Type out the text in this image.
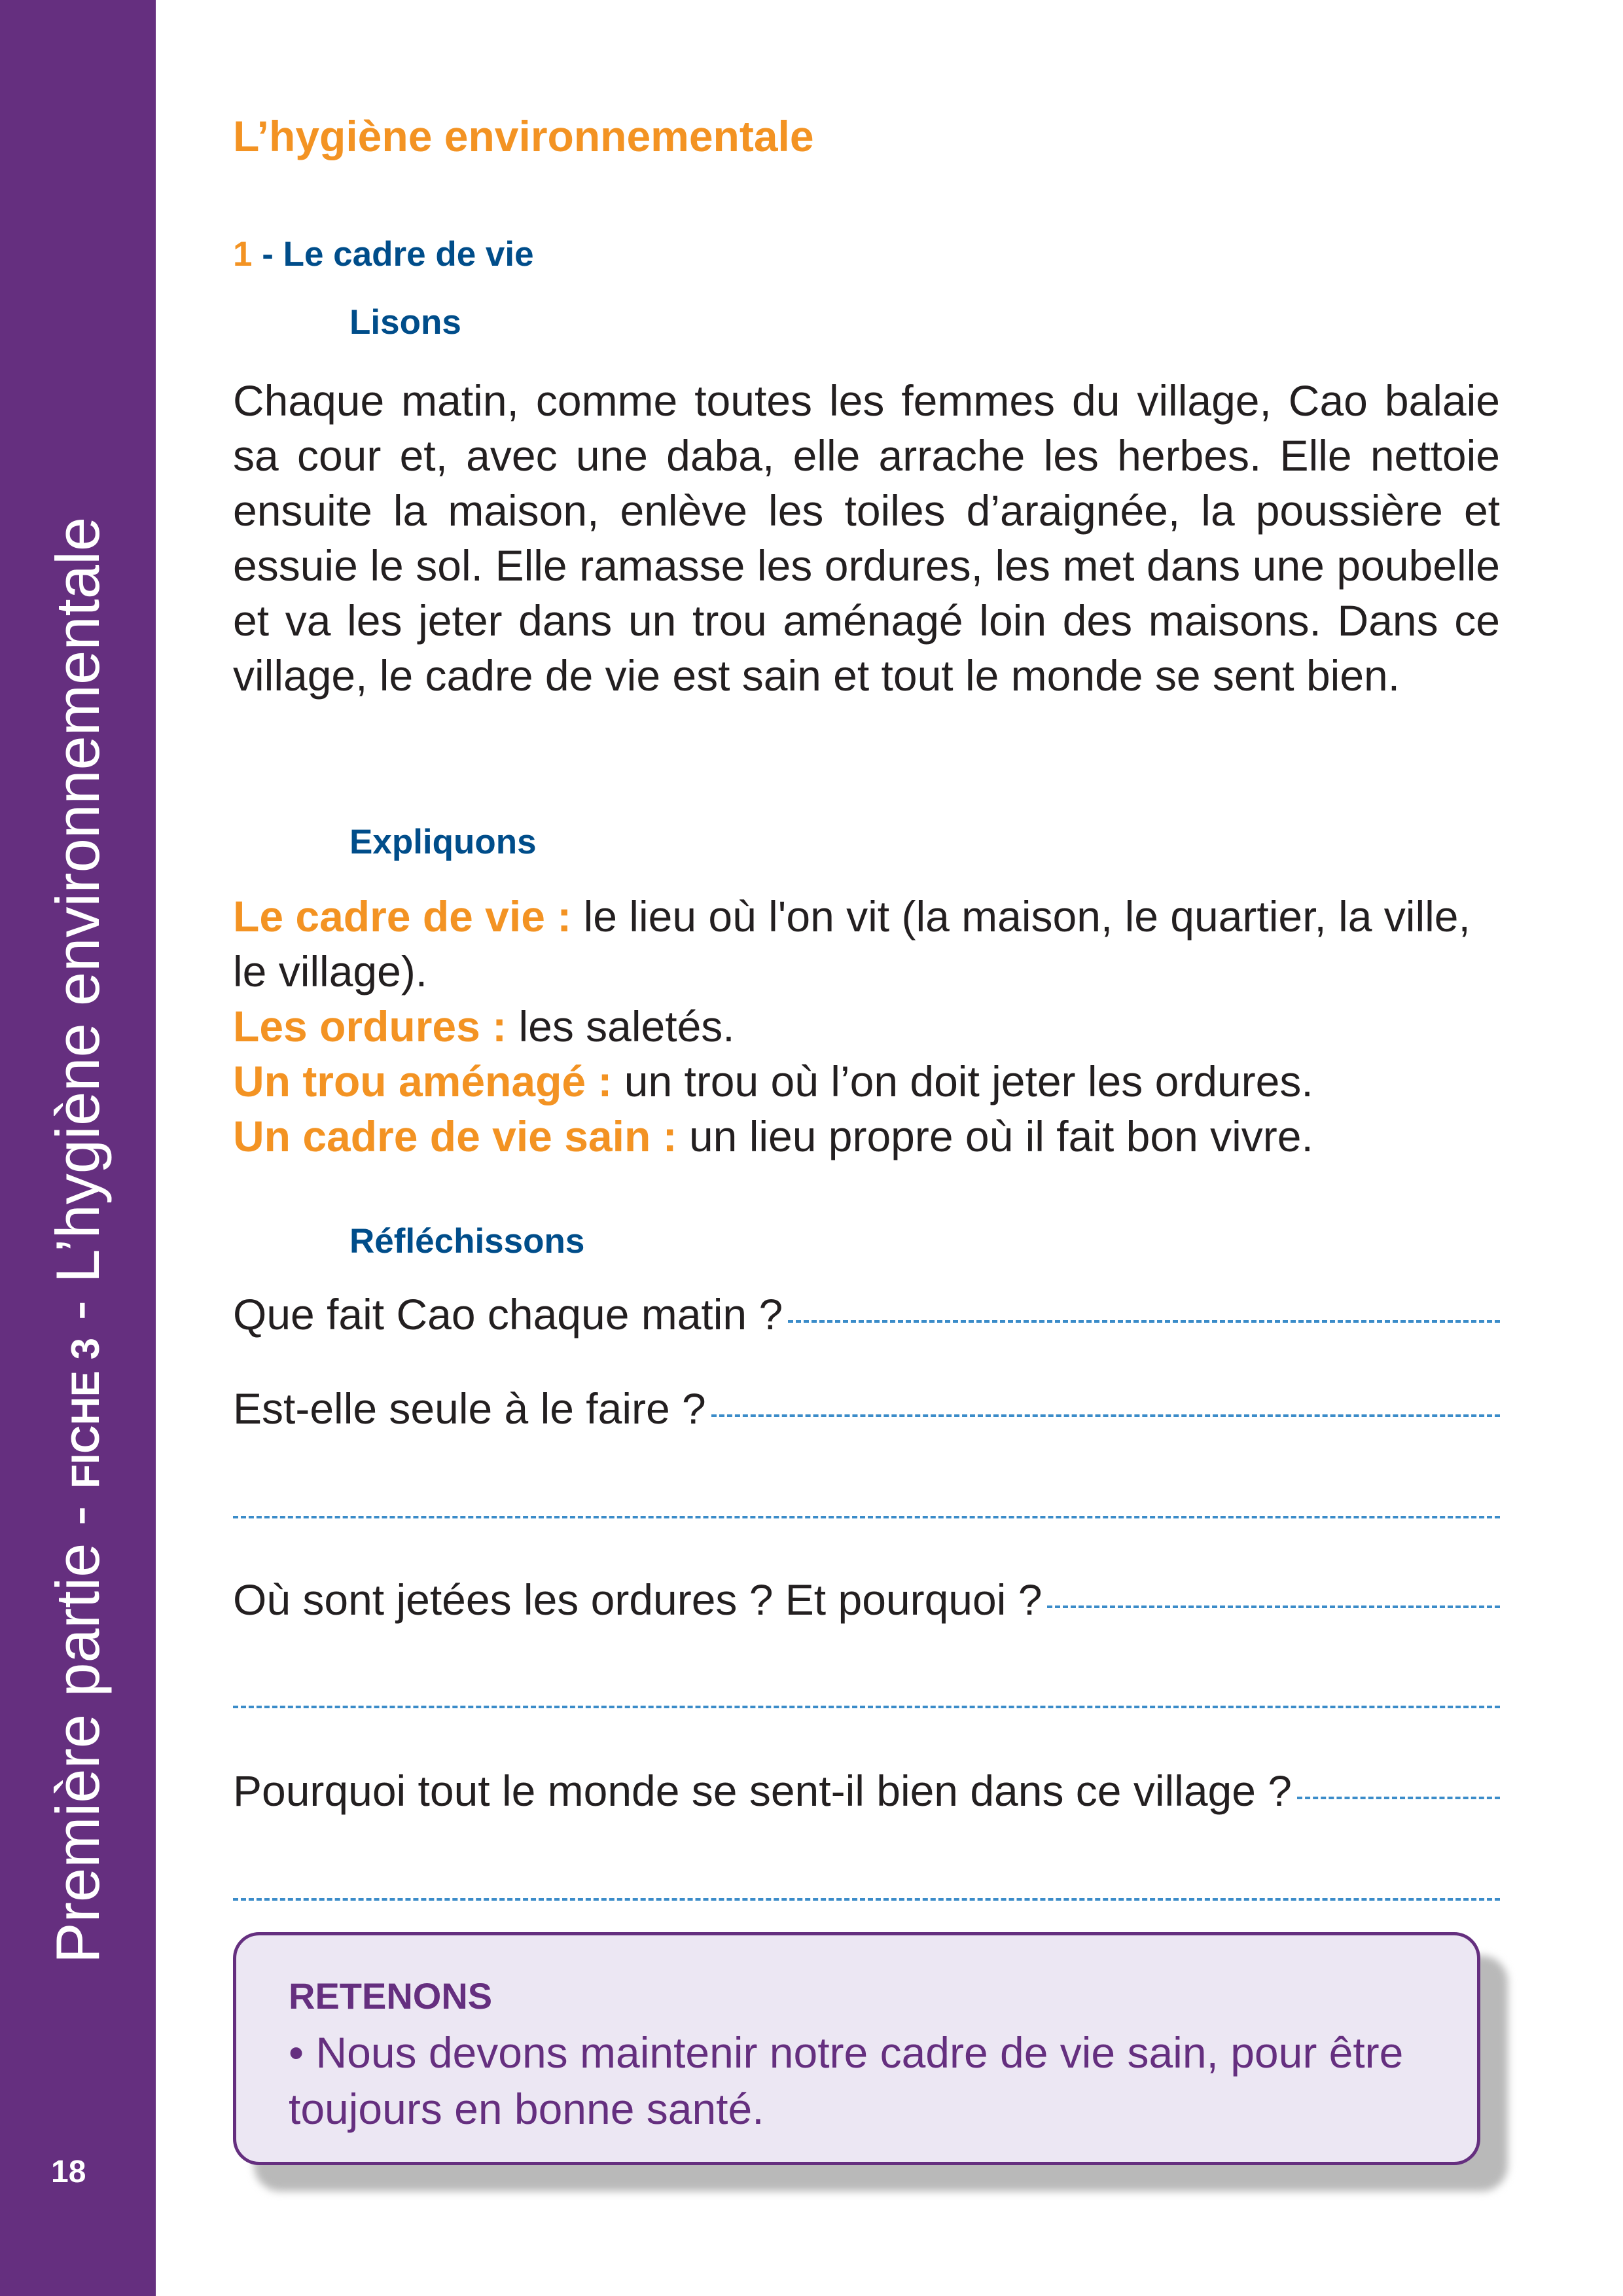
Première partie - FICHE 3 - L’hygiène environnementale
18
L’hygiène environnementale
1 - Le cadre de vie
Lisons

Chaque matin, comme toutes les femmes du village, Cao balaie sa cour et, avec une daba, elle arrache les herbes. Elle nettoie ensuite la maison, enlève les toiles d’araignée, la poussière et essuie le sol. Elle ramasse les ordures, les met dans une poubelle et va les jeter dans un trou aménagé loin des maisons. Dans ce village, le cadre de vie est sain et tout le monde se sent bien.

Expliquons

Le cadre de vie : le lieu où l'on vit (la maison, le quartier, la ville, le village).

Les ordures : les saletés.

Un trou aménagé : un trou où l’on doit jeter les ordures.

Un cadre de vie sain : un lieu propre où il fait bon vivre.

Réfléchissons
Que fait Cao chaque matin ?
Est-elle seule à le faire ?
Où sont jetées les ordures ? Et pourquoi ?
Pourquoi tout le monde se sent-il bien dans ce village ?
RETENONS

• Nous devons maintenir notre cadre de vie sain, pour être toujours en bonne santé.
